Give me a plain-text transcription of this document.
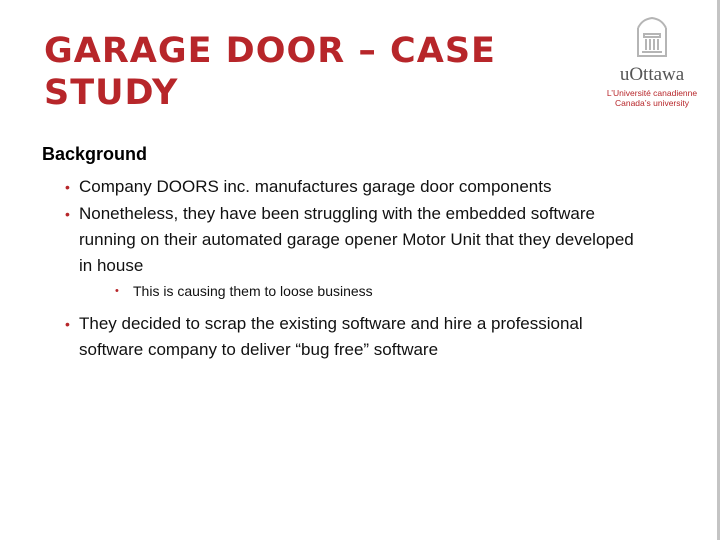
GARAGE DOOR – CASE
STUDY	uOttawa
L’Université canadienne
Canada’s university

Background

• Company DOORS inc. manufactures garage door components

• Nonetheless, they have been struggling with the embedded software running on their automated garage opener Motor Unit that they developed in house

• This is causing them to loose business

• They decided to scrap the existing software and hire a professional software company to deliver “bug free” software
